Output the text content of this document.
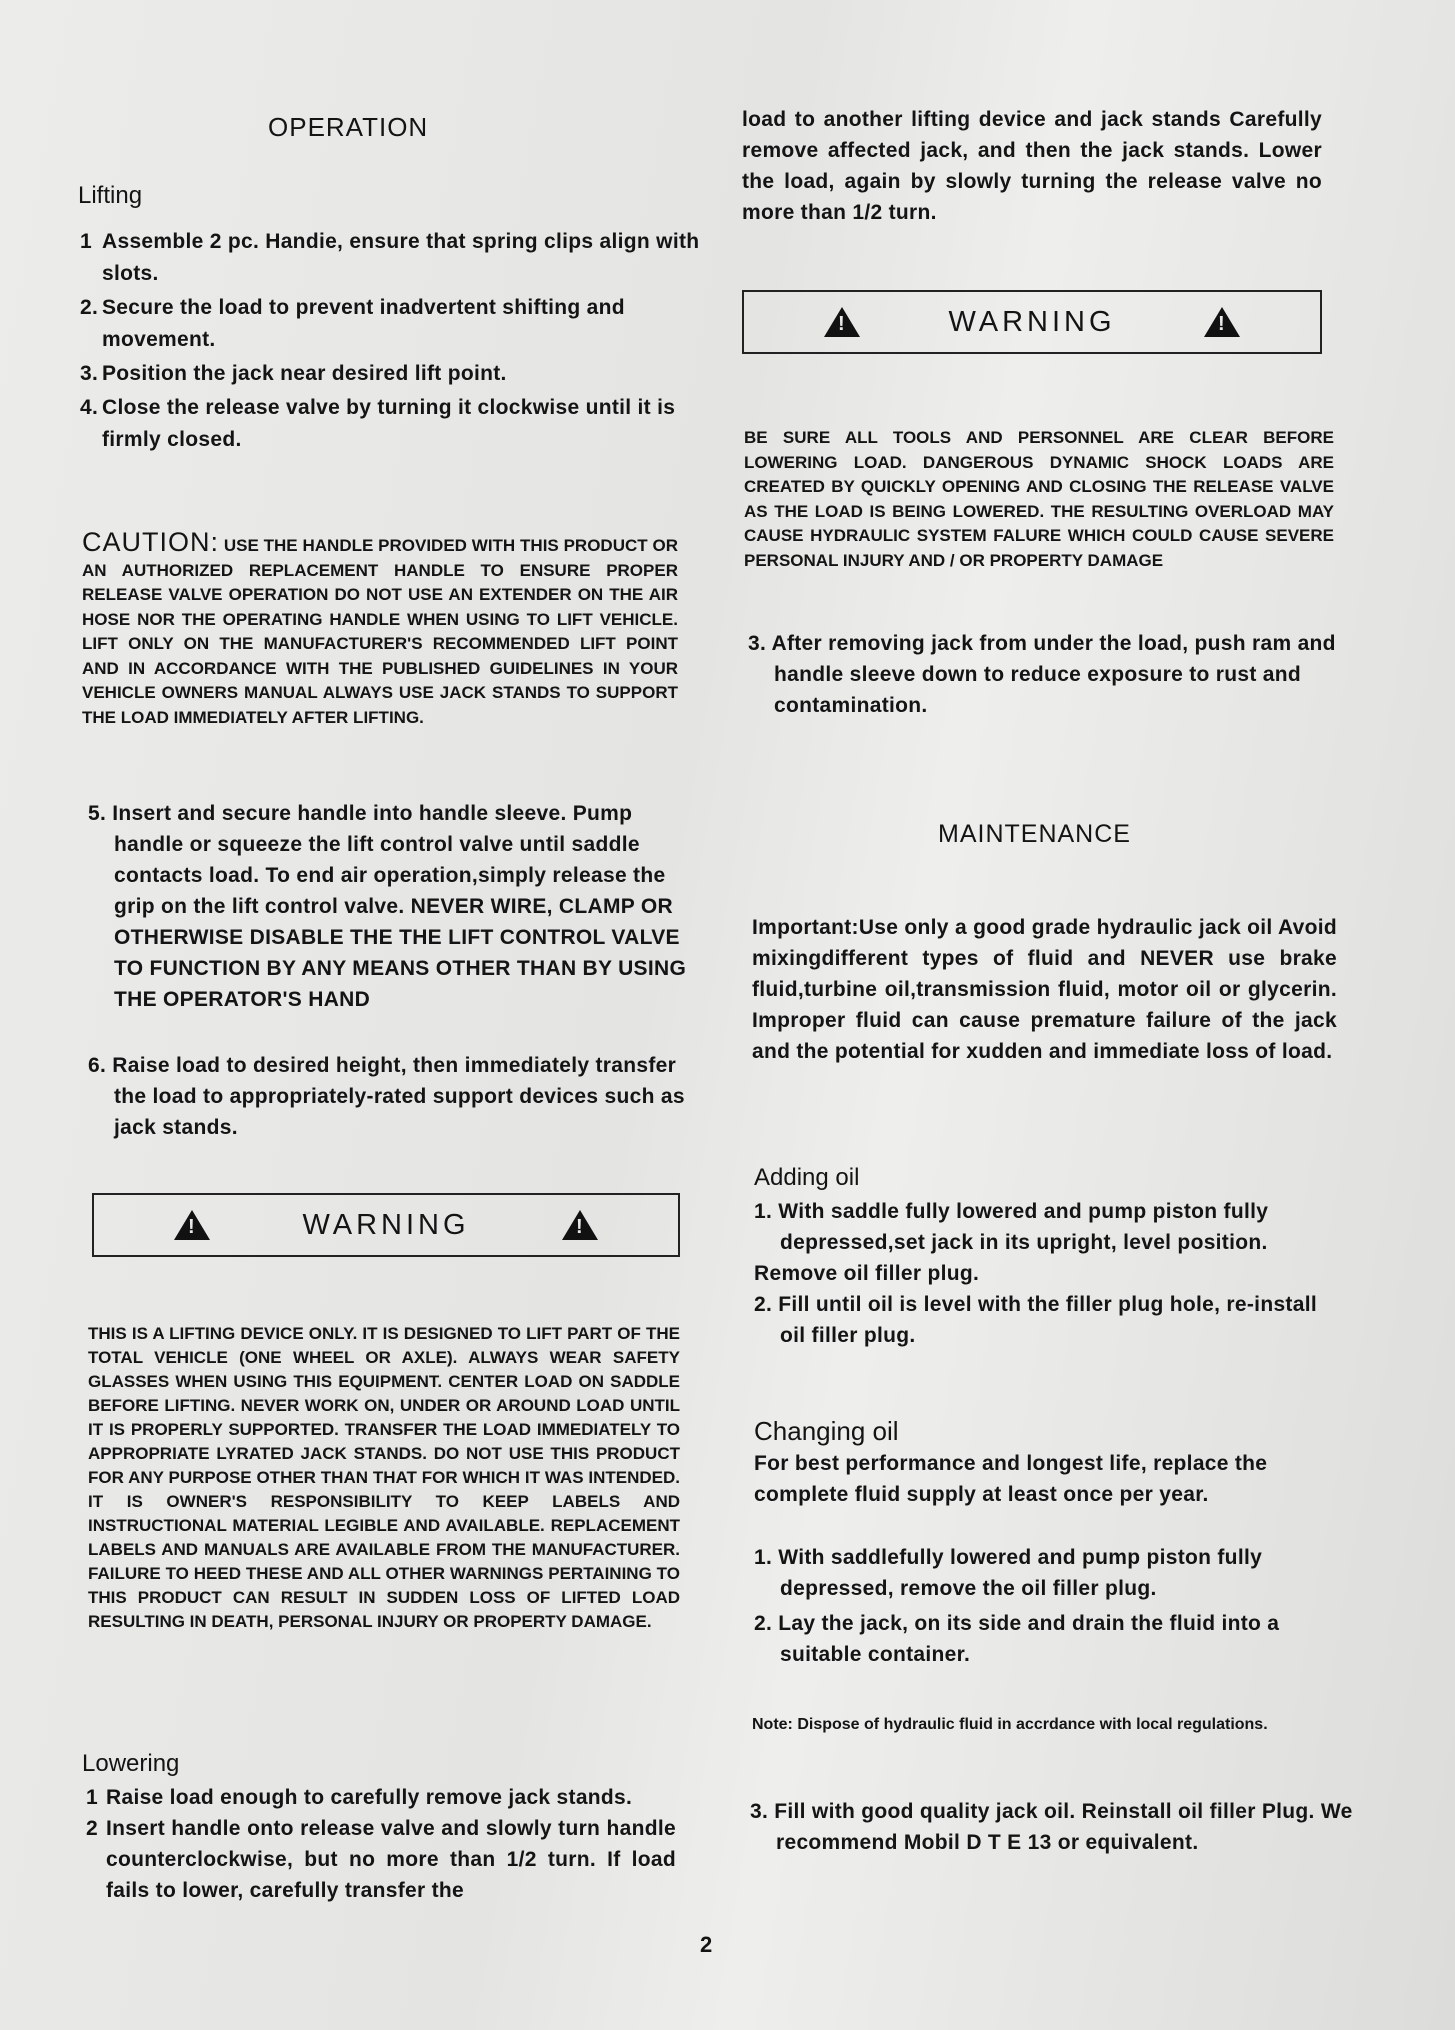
OPERATION
Lifting
1 Assemble 2 pc. Handie, ensure that spring clips align with slots.
2. Secure the load to prevent inadvertent shifting and movement.
3. Position the jack near desired lift point.
4. Close the release valve by turning it clockwise until it is firmly closed.
CAUTION: USE THE HANDLE PROVIDED WITH THIS PRODUCT OR AN AUTHORIZED REPLACEMENT HANDLE TO ENSURE PROPER RELEASE VALVE OPERATION DO NOT USE AN EXTENDER ON THE AIR HOSE NOR THE OPERATING HANDLE WHEN USING TO LIFT VEHICLE. LIFT ONLY ON THE MANUFACTURER'S RECOMMENDED LIFT POINT AND IN ACCORDANCE WITH THE PUBLISHED GUIDELINES IN YOUR VEHICLE OWNERS MANUAL ALWAYS USE JACK STANDS TO SUPPORT THE LOAD IMMEDIATELY AFTER LIFTING.
5. Insert and secure handle into handle sleeve. Pump handle or squeeze the lift control valve until saddle contacts load. To end air operation,simply release the grip on the lift control valve. NEVER WIRE, CLAMP OR OTHERWISE DISABLE THE THE LIFT CONTROL VALVE TO FUNCTION BY ANY MEANS OTHER THAN BY USING THE OPERATOR'S HAND
6. Raise load to desired height, then immediately transfer the load to appropriately-rated support devices such as jack stands.
!
WARNING
!
THIS IS A LIFTING DEVICE ONLY. IT IS DESIGNED TO LIFT PART OF THE TOTAL VEHICLE (ONE WHEEL OR AXLE). ALWAYS WEAR SAFETY GLASSES WHEN USING THIS EQUIPMENT. CENTER LOAD ON SADDLE BEFORE LIFTING. NEVER WORK ON, UNDER OR AROUND LOAD UNTIL IT IS PROPERLY SUPPORTED. TRANSFER THE LOAD IMMEDIATELY TO APPROPRIATE LYRATED JACK STANDS. DO NOT USE THIS PRODUCT FOR ANY PURPOSE OTHER THAN THAT FOR WHICH IT WAS INTENDED. IT IS OWNER'S RESPONSIBILITY TO KEEP LABELS AND INSTRUCTIONAL MATERIAL LEGIBLE AND AVAILABLE. REPLACEMENT LABELS AND MANUALS ARE AVAILABLE FROM THE MANUFACTURER. FAILURE TO HEED THESE AND ALL OTHER WARNINGS PERTAINING TO THIS PRODUCT CAN RESULT IN SUDDEN LOSS OF LIFTED LOAD RESULTING IN DEATH, PERSONAL INJURY OR PROPERTY DAMAGE.
Lowering
1 Raise load enough to carefully remove jack stands.
2 Insert handle onto release valve and slowly turn handle counterclockwise, but no more than 1/2 turn. If load fails to lower, carefully transfer the
load to another lifting device and jack stands Carefully remove affected jack, and then the jack stands. Lower the load, again by slowly turning the release valve no more than 1/2 turn.
!
WARNING
!
BE SURE ALL TOOLS AND PERSONNEL ARE CLEAR BEFORE LOWERING LOAD. DANGEROUS DYNAMIC SHOCK LOADS ARE CREATED BY QUICKLY OPENING AND CLOSING THE RELEASE VALVE AS THE LOAD IS BEING LOWERED. THE RESULTING OVERLOAD MAY CAUSE HYDRAULIC SYSTEM FALURE WHICH COULD CAUSE SEVERE PERSONAL INJURY AND / OR PROPERTY DAMAGE
3. After removing jack from under the load, push ram and handle sleeve down to reduce exposure to rust and contamination.
MAINTENANCE
Important:Use only a good grade hydraulic jack oil Avoid mixingdifferent types of fluid and NEVER use brake fluid,turbine oil,transmission fluid, motor oil or glycerin. Improper fluid can cause premature failure of the jack and the potential for xudden and immediate loss of load.
Adding oil
1. With saddle fully lowered and pump piston fully depressed,set jack in its upright, level position.
Remove oil filler plug.
2. Fill until oil is level with the filler plug hole, re-install oil filler plug.
Changing oil
For best performance and longest life, replace the complete fluid supply at least once per year.
1. With saddlefully lowered and pump piston fully depressed, remove the oil filler plug.
2. Lay the jack, on its side and drain the fluid into a suitable container.
Note: Dispose of hydraulic fluid in accrdance with local regulations.
3. Fill with good quality jack oil. Reinstall oil filler Plug. We recommend Mobil D T E 13 or equivalent.
2
